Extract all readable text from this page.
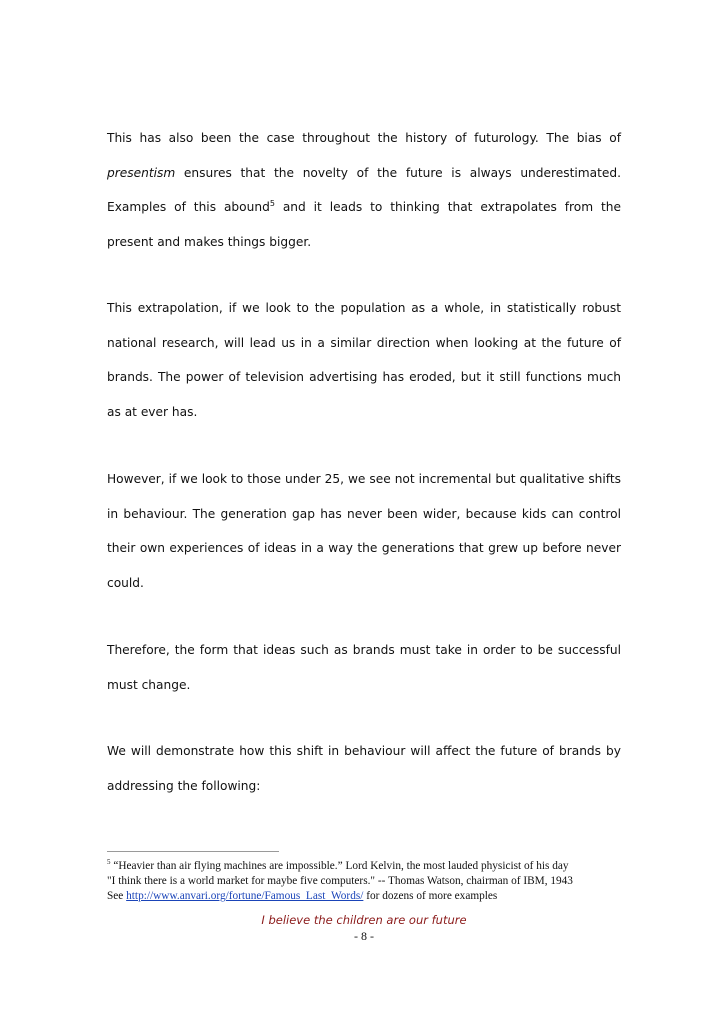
This has also been the case throughout the history of futurology. The bias of presentism ensures that the novelty of the future is always underestimated. Examples of this abound$^5$ and it leads to thinking that extrapolates from the present and makes things bigger.

This extrapolation, if we look to the population as a whole, in statistically robust national research, will lead us in a similar direction when looking at the future of brands. The power of television advertising has eroded, but it still functions much as at ever has.

However, if we look to those under 25, we see not incremental but qualitative shifts in behaviour. The generation gap has never been wider, because kids can control their own experiences of ideas in a way the generations that grew up before never could.

Therefore, the form that ideas such as brands must take in order to be successful must change.

We will demonstrate how this shift in behaviour will affect the future of brands by addressing the following:

$^5$ “Heavier than air flying machines are impossible.” Lord Kelvin, the most lauded physicist of his day

"I think there is a world market for maybe five computers." -- Thomas Watson, chairman of IBM, 1943

See http://www.anvari.org/fortune/Famous_Last_Words/ for dozens of more examples

I believe the children are our future

- 8 -
